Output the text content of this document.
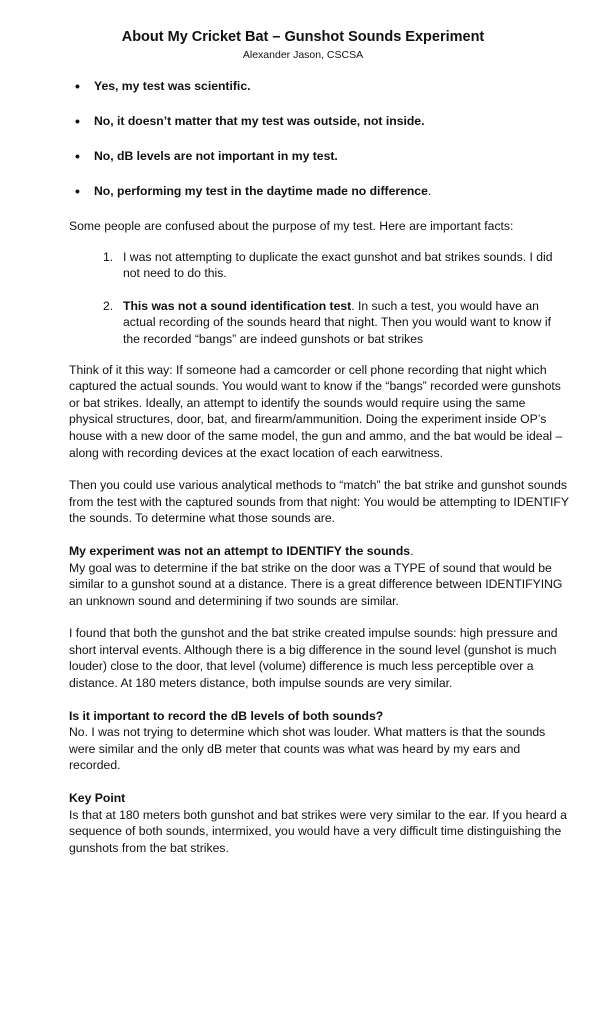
About My Cricket Bat – Gunshot Sounds Experiment
Alexander Jason, CSCSA
• Yes, my test was scientific.
• No, it doesn’t matter that my test was outside, not inside.
• No, dB levels are not important in my test.
• No, performing my test in the daytime made no difference.

Some people are confused about the purpose of my test. Here are important facts:

1. I was not attempting to duplicate the exact gunshot and bat strikes sounds. I did not need to do this.
2. This was not a sound identification test. In such a test, you would have an actual recording of the sounds heard that night. Then you would want to know if the recorded “bangs” are indeed gunshots or bat strikes

Think of it this way: If someone had a camcorder or cell phone recording that night which captured the actual sounds. You would want to know if the “bangs” recorded were gunshots or bat strikes. Ideally, an attempt to identify the sounds would require using the same physical structures, door, bat, and firearm/ammunition. Doing the experiment inside OP’s house with a new door of the same model, the gun and ammo, and the bat would be ideal – along with recording devices at the exact location of each earwitness.

Then you could use various analytical methods to “match” the bat strike and gunshot sounds from the test with the captured sounds from that night: You would be attempting to IDENTIFY the sounds. To determine what those sounds are.

My experiment was not an attempt to IDENTIFY the sounds.

My goal was to determine if the bat strike on the door was a TYPE of sound that would be similar to a gunshot sound at a distance. There is a great difference between IDENTIFYING an unknown sound and determining if two sounds are similar.

I found that both the gunshot and the bat strike created impulse sounds: high pressure and short interval events. Although there is a big difference in the sound level (gunshot is much louder) close to the door, that level (volume) difference is much less perceptible over a distance. At 180 meters distance, both impulse sounds are very similar.

Is it important to record the dB levels of both sounds?

No. I was not trying to determine which shot was louder. What matters is that the sounds were similar and the only dB meter that counts was what was heard by my ears and recorded.

Key Point

Is that at 180 meters both gunshot and bat strikes were very similar to the ear. If you heard a sequence of both sounds, intermixed, you would have a very difficult time distinguishing the gunshots from the bat strikes.
